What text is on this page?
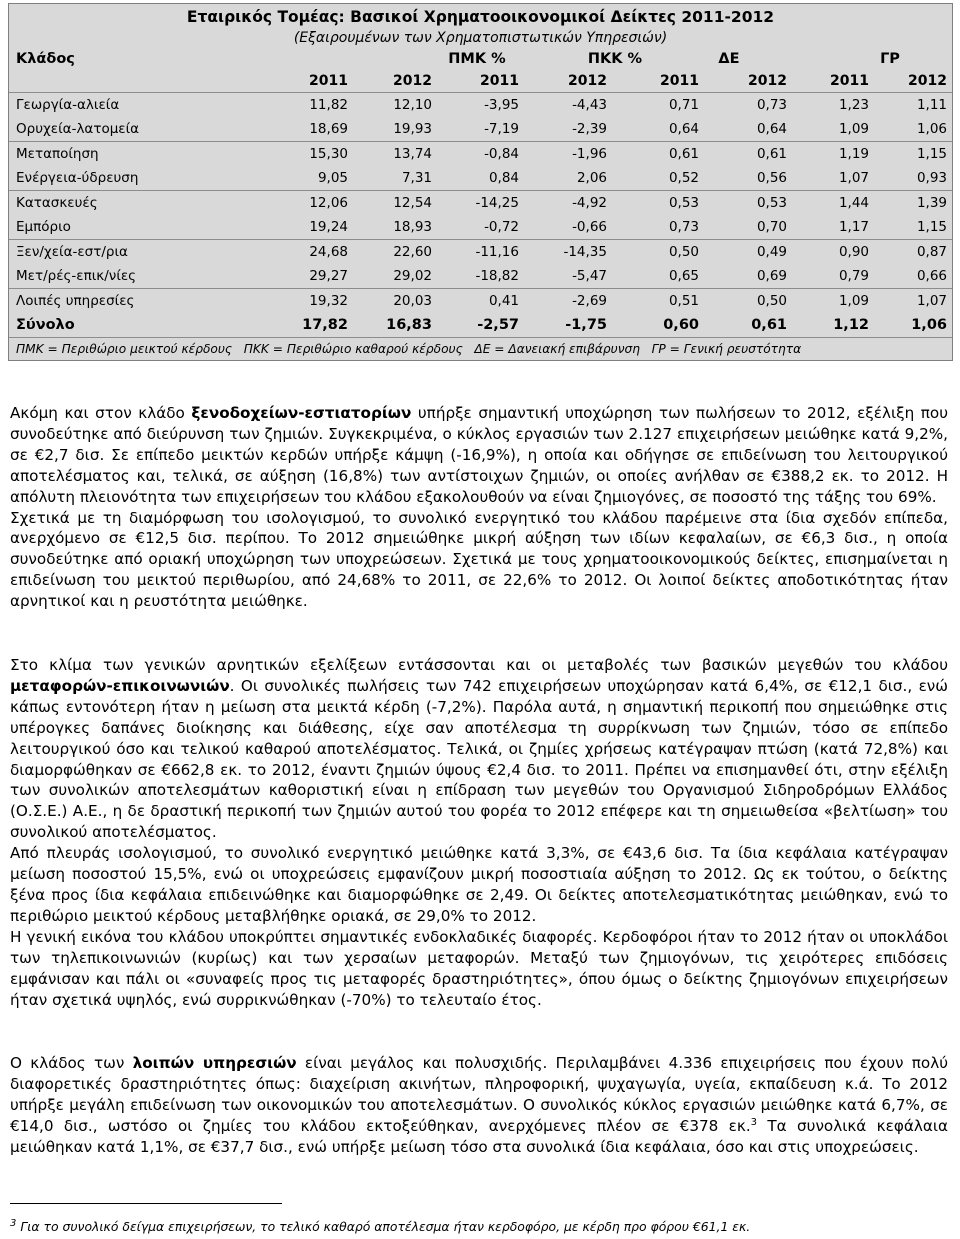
Εταιρικός Τομέας: Βασικοί Χρηματοοικονομικοί Δείκτες 2011-2012
(Εξαιρουμένων των Χρηματοπιστωτικών Υπηρεσιών)
Κλάδος	ΠΜΚ %	ΠΚΚ %	ΔΕ	ΓΡ
2011	2012	2011	2012	2011	2012	2011	2012
Γεωργία-αλιεία	11,82	12,10	-3,95	-4,43	0,71	0,73	1,23	1,11
Ορυχεία-λατομεία	18,69	19,93	-7,19	-2,39	0,64	0,64	1,09	1,06
Μεταποίηση	15,30	13,74	-0,84	-1,96	0,61	0,61	1,19	1,15
Ενέργεια-ύδρευση	9,05	7,31	0,84	2,06	0,52	0,56	1,07	0,93
Κατασκευές	12,06	12,54	-14,25	-4,92	0,53	0,53	1,44	1,39
Εμπόριο	19,24	18,93	-0,72	-0,66	0,73	0,70	1,17	1,15
Ξεν/χεία-εστ/ρια	24,68	22,60	-11,16	-14,35	0,50	0,49	0,90	0,87
Μετ/ρές-επικ/νίες	29,27	29,02	-18,82	-5,47	0,65	0,69	0,79	0,66
Λοιπές υπηρεσίες	19,32	20,03	0,41	-2,69	0,51	0,50	1,09	1,07
Σύνολο	17,82	16,83	-2,57	-1,75	0,60	0,61	1,12	1,06
ΠΜΚ = Περιθώριο μεικτού κέρδους   ΠΚΚ = Περιθώριο καθαρού κέρδους   ΔΕ = Δανειακή επιβάρυνση   ΓΡ = Γενική ρευστότητα

Ακόμη και στον κλάδο ξενοδοχείων-εστιατορίων υπήρξε σημαντική υποχώρηση των πωλήσεων το 2012, εξέλιξη που συνοδεύτηκε από διεύρυνση των ζημιών. Συγκεκριμένα, ο κύκλος εργασιών των 2.127 επιχειρήσεων μειώθηκε κατά 9,2%, σε €2,7 δισ. Σε επίπεδο μεικτών κερδών υπήρξε κάμψη (-16,9%), η οποία και οδήγησε σε επιδείνωση του λειτουργικού αποτελέσματος και, τελικά, σε αύξηση (16,8%) των αντίστοιχων ζημιών, οι οποίες ανήλθαν σε €388,2 εκ. το 2012. Η απόλυτη πλειονότητα των επιχειρήσεων του κλάδου εξακολουθούν να είναι ζημιογόνες, σε ποσοστό της τάξης του 69%.

Σχετικά με τη διαμόρφωση του ισολογισμού, το συνολικό ενεργητικό του κλάδου παρέμεινε στα ίδια σχεδόν επίπεδα, ανερχόμενο σε €12,5 δισ. περίπου. Το 2012 σημειώθηκε μικρή αύξηση των ιδίων κεφαλαίων, σε €6,3 δισ., η οποία συνοδεύτηκε από οριακή υποχώρηση των υποχρεώσεων. Σχετικά με τους χρηματοοικονομικούς δείκτες, επισημαίνεται η επιδείνωση του μεικτού περιθωρίου, από 24,68% το 2011, σε 22,6% το 2012. Οι λοιποί δείκτες αποδοτικότητας ήταν αρνητικοί και η ρευστότητα μειώθηκε.

Στο κλίμα των γενικών αρνητικών εξελίξεων εντάσσονται και οι μεταβολές των βασικών μεγεθών του κλάδου μεταφορών-επικοινωνιών. Οι συνολικές πωλήσεις των 742 επιχειρήσεων υποχώρησαν κατά 6,4%, σε €12,1 δισ., ενώ κάπως εντονότερη ήταν η μείωση στα μεικτά κέρδη (-7,2%). Παρόλα αυτά, η σημαντική περικοπή που σημειώθηκε στις υπέρογκες δαπάνες διοίκησης και διάθεσης, είχε σαν αποτέλεσμα τη συρρίκνωση των ζημιών, τόσο σε επίπεδο λειτουργικού όσο και τελικού καθαρού αποτελέσματος. Τελικά, οι ζημίες χρήσεως κατέγραψαν πτώση (κατά 72,8%) και διαμορφώθηκαν σε €662,8 εκ. το 2012, έναντι ζημιών ύψους €2,4 δισ. το 2011. Πρέπει να επισημανθεί ότι, στην εξέλιξη των συνολικών αποτελεσμάτων καθοριστική είναι η επίδραση των μεγεθών του Οργανισμού Σιδηροδρόμων Ελλάδος (Ο.Σ.Ε.) Α.Ε., η δε δραστική περικοπή των ζημιών αυτού του φορέα το 2012 επέφερε και τη σημειωθείσα «βελτίωση» του συνολικού αποτελέσματος.

Από πλευράς ισολογισμού, το συνολικό ενεργητικό μειώθηκε κατά 3,3%, σε €43,6 δισ. Τα ίδια κεφάλαια κατέγραψαν μείωση ποσοστού 15,5%, ενώ οι υποχρεώσεις εμφανίζουν μικρή ποσοστιαία αύξηση το 2012. Ως εκ τούτου, ο δείκτης ξένα προς ίδια κεφάλαια επιδεινώθηκε και διαμορφώθηκε σε 2,49. Οι δείκτες αποτελεσματικότητας μειώθηκαν, ενώ το περιθώριο μεικτού κέρδους μεταβλήθηκε οριακά, σε 29,0% το 2012.

Η γενική εικόνα του κλάδου υποκρύπτει σημαντικές ενδοκλαδικές διαφορές. Κερδοφόροι ήταν το 2012 ήταν οι υποκλάδοι των τηλεπικοινωνιών (κυρίως) και των χερσαίων μεταφορών. Μεταξύ των ζημιογόνων, τις χειρότερες επιδόσεις εμφάνισαν και πάλι οι «συναφείς προς τις μεταφορές δραστηριότητες», όπου όμως ο δείκτης ζημιογόνων επιχειρήσεων ήταν σχετικά υψηλός, ενώ συρρικνώθηκαν (-70%) το τελευταίο έτος.

Ο κλάδος των λοιπών υπηρεσιών είναι μεγάλος και πολυσχιδής. Περιλαμβάνει 4.336 επιχειρήσεις που έχουν πολύ διαφορετικές δραστηριότητες όπως: διαχείριση ακινήτων, πληροφορική, ψυχαγωγία, υγεία, εκπαίδευση κ.ά. Το 2012 υπήρξε μεγάλη επιδείνωση των οικονομικών του αποτελεσμάτων. Ο συνολικός κύκλος εργασιών μειώθηκε κατά 6,7%, σε €14,0 δισ., ωστόσο οι ζημίες του κλάδου εκτοξεύθηκαν, ανερχόμενες πλέον σε €378 εκ.$^3$ Τα συνολικά κεφάλαια μειώθηκαν κατά 1,1%, σε €37,7 δισ., ενώ υπήρξε μείωση τόσο στα συνολικά ίδια κεφάλαια, όσο και στις υποχρεώσεις.

$^3$ Για το συνολικό δείγμα επιχειρήσεων, το τελικό καθαρό αποτέλεσμα ήταν κερδοφόρο, με κέρδη προ φόρου €61,1 εκ.
